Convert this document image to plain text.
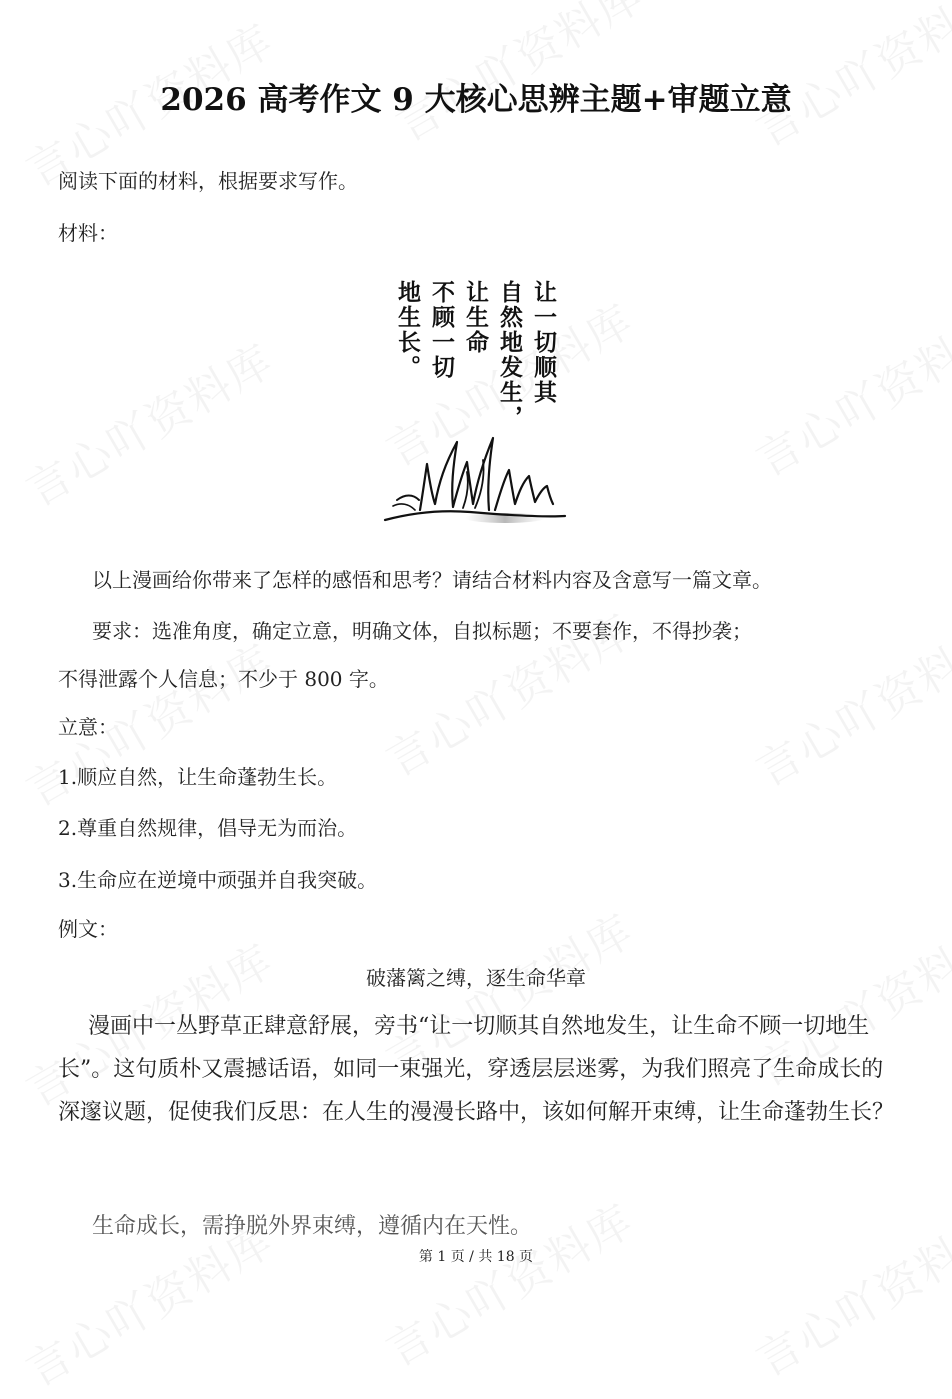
2026 高考作文 9 大核心思辨主题+审题立意
阅读下面的材料，根据要求写作。
材料：
让一切顺其
自然地发生，
让生命
不顾一切
地生长。
以上漫画给你带来了怎样的感悟和思考？请结合材料内容及含意写一篇文章。
要求：选准角度，确定立意，明确文体，自拟标题；不要套作，不得抄袭；
不得泄露个人信息；不少于 800 字。
立意：
1.顺应自然，让生命蓬勃生长。
2.尊重自然规律，倡导无为而治。
3.生命应在逆境中顽强并自我突破。
例文：
破藩篱之缚，逐生命华章

漫画中一丛野草正肆意舒展，旁书“让一切顺其自然地发生，让生命不顾一切地生长”。这句质朴又震撼话语，如同一束强光，穿透层层迷雾，为我们照亮了生命成长的深邃议题，促使我们反思：在人生的漫漫长路中，该如何解开束缚，让生命蓬勃生长？

生命成长，需挣脱外界束缚，遵循内在天性。

第 1 页 / 共 18 页
